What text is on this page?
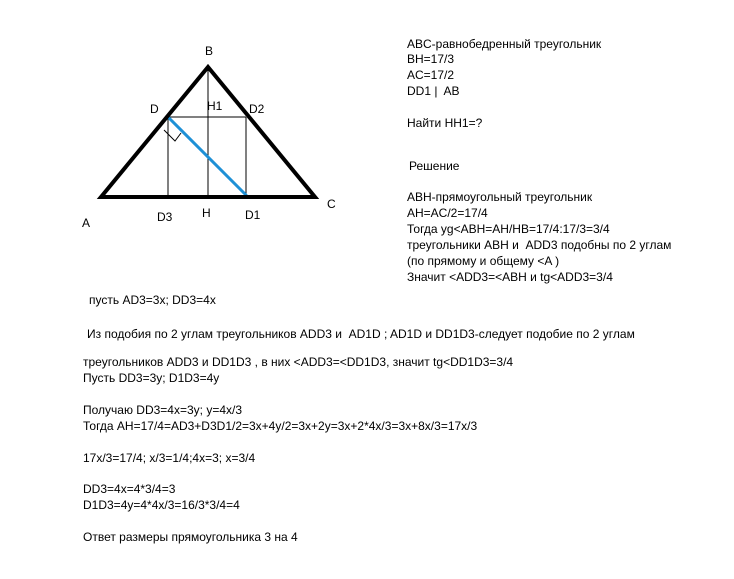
A
B
C
D	D2
H1
D3 H	D1
ABC-равнобедренный треугольник
BH=17/3
AC=17/2
DD1 |  AB
Найти HH1=?
Решение
ABH-прямоугольный треугольник
AH=AC/2=17/4
Тогда уg<ABH=AH/HB=17/4:17/3=3/4
треугольники ABH и  ADD3 подобны по 2 углам
(по прямому и общему <A )
Значит <ADD3=<ABH и tg<ADD3=3/4
пусть AD3=3x; DD3=4x
Из подобия по 2 углам треугольников ADD3 и  AD1D ; AD1D и DD1D3-следует подобие по 2 углам
треугольников ADD3 и DD1D3 , в них <ADD3=<DD1D3, значит tg<DD1D3=3/4
Пусть DD3=3y; D1D3=4y
Получаю DD3=4x=3y; y=4x/3
Тогда AH=17/4=AD3+D3D1/2=3x+4y/2=3x+2y=3x+2*4x/3=3x+8x/3=17x/3
17x/3=17/4; x/3=1/4;4x=3; x=3/4
DD3=4x=4*3/4=3
D1D3=4y=4*4x/3=16/3*3/4=4
Ответ размеры прямоугольника 3 на 4
